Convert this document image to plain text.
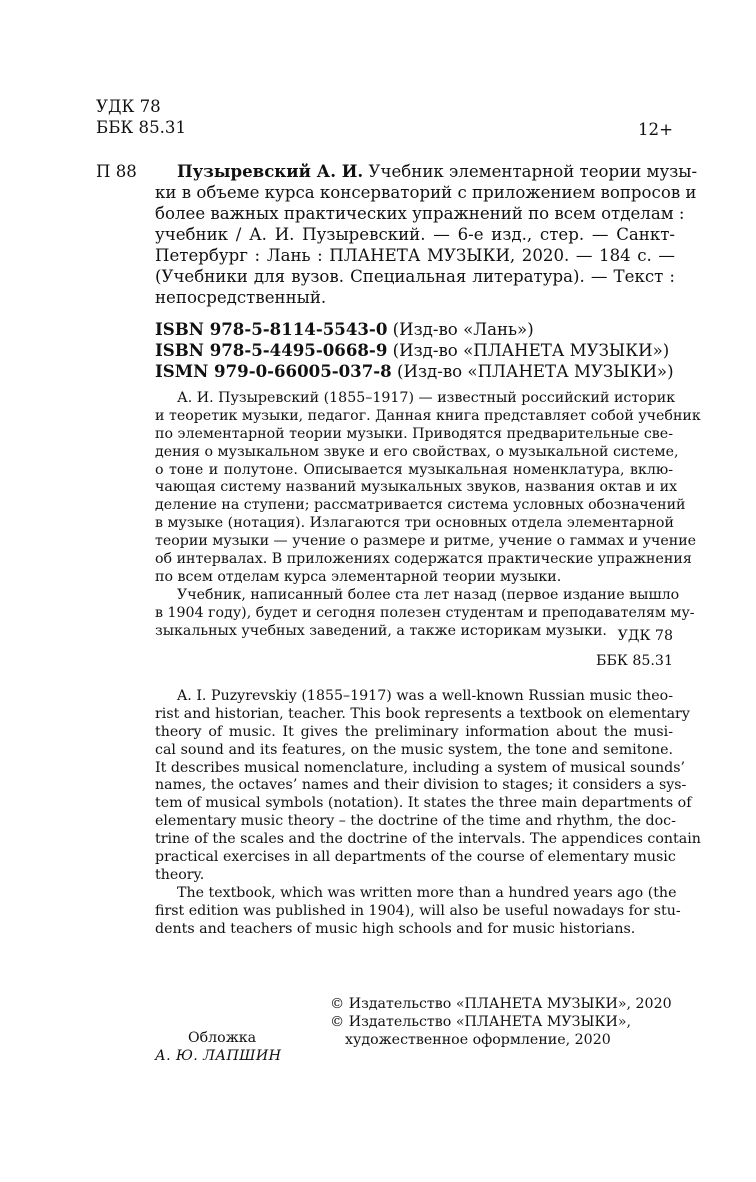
УДК 78
ББК 85.31	12+
П 88	Пузыревский А. И. Учебник элементарной теории музы-
ки в объеме курса консерваторий с приложением вопросов и
более важных практических упражнений по всем отделам :
учебник / А. И. Пузыревский. — 6-е изд., стер. — Санкт-
Петербург : Лань : ПЛАНЕТА МУЗЫКИ, 2020. — 184 с. —
(Учебники для вузов. Специальная литература). — Текст :
непосредственный.
ISBN 978-5-8114-5543-0 (Изд-во «Лань»)
ISBN 978-5-4495-0668-9 (Изд-во «ПЛАНЕТА МУЗЫКИ»)
ISMN 979-0-66005-037-8 (Изд-во «ПЛАНЕТА МУЗЫКИ»)
А. И. Пузыревский (1855–1917) — известный российский историк
и теоретик музыки, педагог. Данная книга представляет собой учебник
по элементарной теории музыки. Приводятся предварительные све-
дения о музыкальном звуке и его свойствах, о музыкальной системе,
о тоне и полутоне. Описывается музыкальная номенклатура, вклю-
чающая систему названий музыкальных звуков, названия октав и их
деление на ступени; рассматривается система условных обозначений
в музыке (нотация). Излагаются три основных отдела элементарной
теории музыки — учение о размере и ритме, учение о гаммах и учение
об интервалах. В приложениях содержатся практические упражнения
по всем отделам курса элементарной теории музыки.
Учебник, написанный более ста лет назад (первое издание вышло
в 1904 году), будет и сегодня полезен студентам и преподавателям му-
зыкальных учебных заведений, а также историкам музыки. УДК 78
ББК 85.31
A. I. Puzyrevskiy (1855–1917) was a well-known Russian music theo-
rist and historian, teacher. This book represents a textbook on elementary
theory of music. It gives the preliminary information about the musi-
cal sound and its features, on the music system, the tone and semitone.
It describes musical nomenclature, including a system of musical sounds’
names, the octaves’ names and their division to stages; it considers a sys-
tem of musical symbols (notation). It states the three main departments of
elementary music theory – the doctrine of the time and rhythm, the doc-
trine of the scales and the doctrine of the intervals. The appendices contain
practical exercises in all departments of the course of elementary music
theory.
The textbook, which was written more than a hundred years ago (the
first edition was published in 1904), will also be useful nowadays for stu-
dents and teachers of music high schools and for music historians.
© Издательство «ПЛАНЕТА МУЗЫКИ», 2020
© Издательство «ПЛАНЕТА МУЗЫКИ»,
художественное оформление, 2020
Обложка
А. Ю. ЛАПШИН
